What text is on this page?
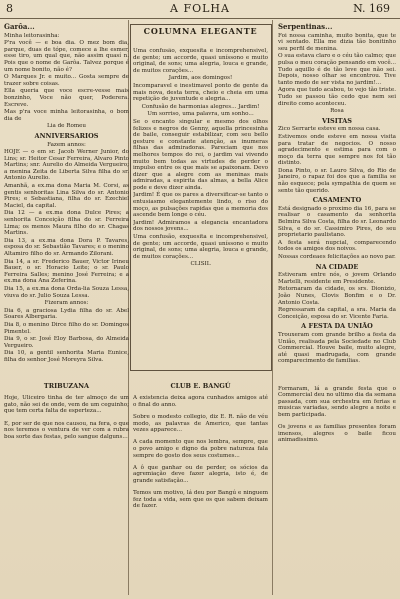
8	A FOLHA	N. 169
Garôa...

Minha leitorasinha:

P'ra você — e boa dia. O mez bom dia, parque, duas de tópe, comece a lhe esmer, esse tiro, um qual que, não assim quasí n. Pois que o nome de Garôa. Talvez porque é um nome bonito, não é?

O Marques Jr. e muito... Gosta sempre de trazer sobre coisas.

Ella queria que voce escre-vesse mais bonzinho, Voce não quer, Poderera. Escreve.

Mas p'ra voce minha leitorasinha, o bom dia de

Lia de Romeu

ANNIVERSARIOS

Fazem annos:

HOJE — o em sr. Jacob Werner Junior, do Lins; sr. Heitor Cesar Ferreira, Alvaro Pinto Martins; snr. Aurelio do Almeida Vergueiro; a menina Zeita de Liberta Silva filha do sr. Antonio Aurelio.

Amanhã, a ex.ma dona Maria M. Corsi, as gentis senhoritas Lina Silva do sr. Antonio Pires; e Sebastiana, filha do sr. Ezechiel Maciel, da capital.

Dia 12 — a ex.ma dona Dulce Pires; a senhorita Conceição filha do sr. Ferreira Lima; os menos Maura filho do sr. Chagas Martins.

Dia 13, a ex.ma dona Dora P. Tavares, esposa do sr. Sebastião Tavares; e o menino Altamiro filho do sr. Armando Zilorani.

Dia 14, a sr. Frederico Bauer, Victor Irineu Bauer, o sr. Horacio Leite; o sr. Paulo Ferreira Salles; menino José Ferreira; e a ex.ma dona Ana Zeferina.

Dia 15, a ex.ma dona Orda-lia Souza Lessa, viuva do sr. Julio Souza Lessa.

Fizeram annos:

Dia 6, a graciosa Lydia filha do sr. Abel Soares Albergaria.

Dia 8, o menino Dirce filho do sr. Domingos Pimentel.

Dia 9, o sr. José Eloy Barbosa, do Almeida Vergueiro.

Dia 10, a gentil senhorita Maria Eunice, filha do senhor José Moreyra Silva.

COLUMNA ELEGANTE

Uma confusão, exquesita e incomprehensivel, de gente; um accorde, quasi uníssono e muito original, de sons; uma alegria, louca e grande, de muitos corações...

Jardim, aos domingos!

Incomparavel e inestimavel ponto de gente da mais nova, desta terra, cheio e cheia em uma repetição de juventude e alegria...

Confusão de harmonias alegres... Jardim!

Um sorriso, uma palavra, um sonho...

Se o encanto singular e mesmo dos olhos felizes e negros de Genny, aquella princesinha de baile, conseguir estabilizar, com seu bello gesture e constante atenção, as inumeras filhas das admiradoras. Pareciam que nos melhores tempos do rei, o jardim vai vivendo muito bem todas as virtudes de perder o impulso entre os que mais se apaixonam. Devo dizer que a alegre com as meninas mais admiradas, a espirita das almas, a bella Alice pode e deve dizer ainda.

Jardim! É que os pares a diversificar-se tanto o entusiasmo elegantemente lindo, o riso do moço, as pulsações rapidas que a memoria dos ascende bem longe o céu.

Jardim! Admiramos a elegancia encantadora dos nossos jovens...

Uma confusão, exquesita e incomprehensivel, de gente; um accorde, quasi uníssono e muito original, de sons; uma alegria, louca e grande, de muitos corações...

CLISIL

Serpentinas...

Foi nossa caminha, muito bonita, que te vi sentado. Ella me dizia tão bonitinho seu perfil de menina.

O sua estava claro e o céu tão calmo; que pulsa o meu coração pensando em você... Tudo aquillo é de tão leve que não sei. Depois, nosso olhar se encontrou. Tive tanto medo de ser vista no jardim!...

Agora que tudo acabou, te vejo tão triste. Tudo se passou tão cedo que nem sei direito como aconteceu.

Rosa

VISITAS

Zico Serrarte esteve em nossa casa.

Estivemos onde esteve em nossa visita para tratar de negocios. O nosso agradecimento e estima para com o moço da terra que sempre nos foi tão distinto.

Dona Pinto, o sr. Lauro Silva, do Rio de Janeiro, o rapaz foi dos que a familia se não esquece; pela sympathia de quem se sente tão querido.

CASAMENTO

Está designado o proximo dia 16, para se realisar o casamento da senhorita Belmira Silva Costa, filha do sr. Leonardo Silva, e do sr. Cassimiro Pires, do seu proprietario paulistano.

A festa será nupcial, comparecendo todos os amigos dos noivos.

Nossas cordeaes felicitações ao novo par.

NA CIDADE

Estiveram entre nós, o jovem Orlando Martelli, residente em Presidente.

Retornaram da cidade, os srs. Dionizio, João Nunes, Clovis Bonfim e o Dr. Antonio Costa.

Regressaram da capital, a sra. Maria da Conceição, esposa do sr. Vicente Faria.

A FESTA DA UNIÃO

Trouxeram com grande brilho a festa da União, realisada pela Sociedade no Club Commercial. Houve baile, muito alegre, até quasi madrugada, com grande comparecimento de familias.

TRIBUZANA

Hoje, Uliceiro tinha de ter almoço de um gato, não sei de onde, vem de um ceguinho; que tem certa falta de esperteza...

E, por ser de que nos causou, na fera, o que nos teremos o ventura de ver com a rubra boa sorte das festas, pelo sangue dalguns...

CLUB E. BANGÚ

A existencia deixa agora cunhados amigos até o final do anno.

Sobre o modesto collegio, diz E. R. não de véu modo, as palavras de Americo, que tantas vezes apparece...

A cada momento que nos lembra, sempre, que o povo amigo e digno da pobre natureza fala sempre do gosto dos seus costumes...

A ô que ganhar ou de perder, os sócios da agremiação deve fazer alegria, isto é, de grande satisfação...

Temos um motivo, lá deu por Bangú e ninguem fez toda a vida, sem que os que sabem deixam de fazer.

Formaram, lá a grande festa que o Commercial deu no ultimo dia da semana passada, com sua orchestra em ferias e musicas variadas, sendo alegre a noite e bem participada.

Os jovens e as familias presentes foram imensos, alegres o baile ficou animadissimo.
